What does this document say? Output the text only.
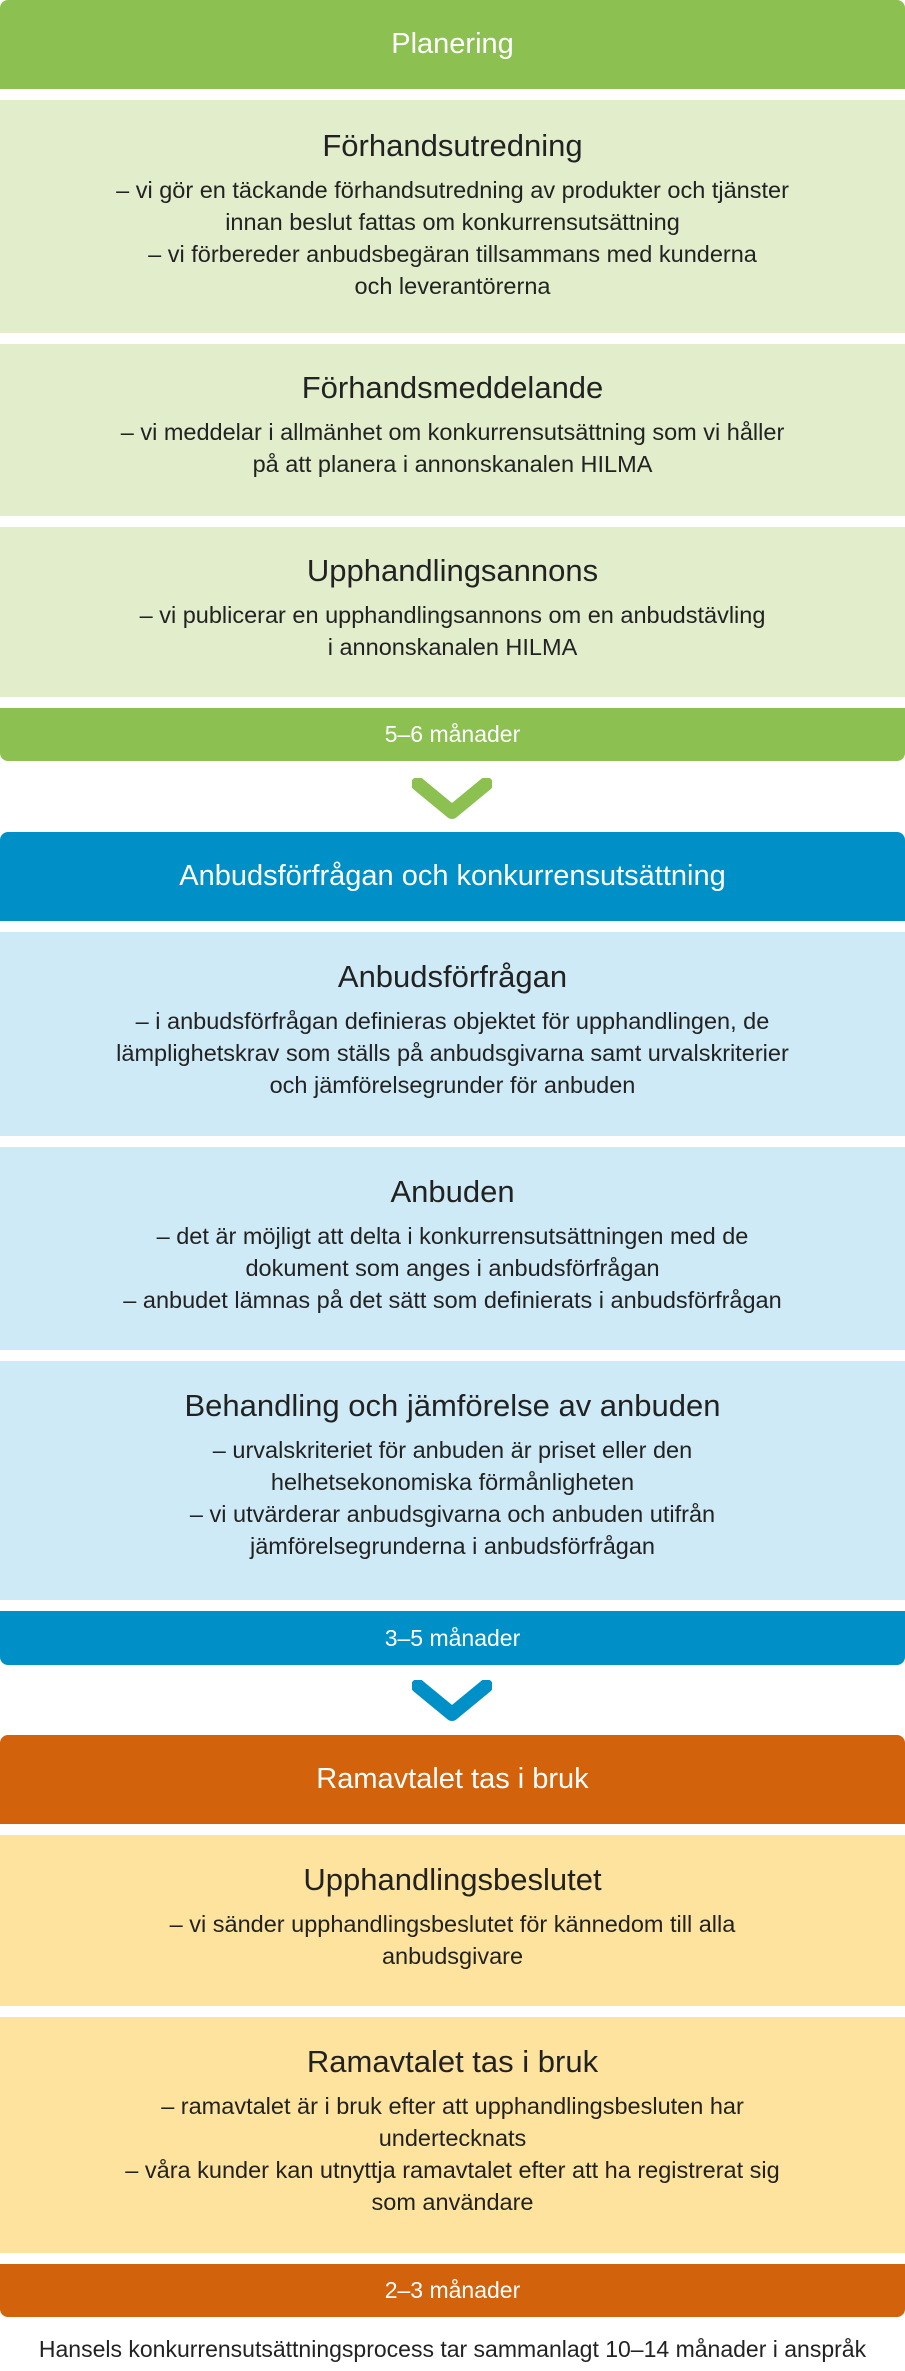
Planering
Förhandsutredning
– vi gör en täckande förhandsutredning av produkter och tjänster
innan beslut fattas om konkurrensutsättning
– vi förbereder anbudsbegäran tillsammans med kunderna
och leverantörerna
Förhandsmeddelande
– vi meddelar i allmänhet om konkurrensutsättning som vi håller
på att planera i annonskanalen HILMA
Upphandlingsannons
– vi publicerar en upphandlingsannons om en anbudstävling
i annonskanalen HILMA
5–6 månader
Anbudsförfrågan och konkurrensutsättning
Anbudsförfrågan
– i anbudsförfrågan definieras objektet för upphandlingen, de
lämplighetskrav som ställs på anbudsgivarna samt urvalskriterier
och jämförelsegrunder för anbuden
Anbuden
– det är möjligt att delta i konkurrensutsättningen med de
dokument som anges i anbudsförfrågan
– anbudet lämnas på det sätt som definierats i anbudsförfrågan
Behandling och jämförelse av anbuden
– urvalskriteriet för anbuden är priset eller den
helhetsekonomiska förmånligheten
– vi utvärderar anbudsgivarna och anbuden utifrån
jämförelsegrunderna i anbudsförfrågan
3–5 månader
Ramavtalet tas i bruk
Upphandlingsbeslutet
– vi sänder upphandlingsbeslutet för kännedom till alla
anbudsgivare
Ramavtalet tas i bruk
– ramavtalet är i bruk efter att upphandlingsbesluten har
undertecknats
– våra kunder kan utnyttja ramavtalet efter att ha registrerat sig
som användare
2–3 månader
Hansels konkurrensutsättningsprocess tar sammanlagt 10–14 månader i anspråk
